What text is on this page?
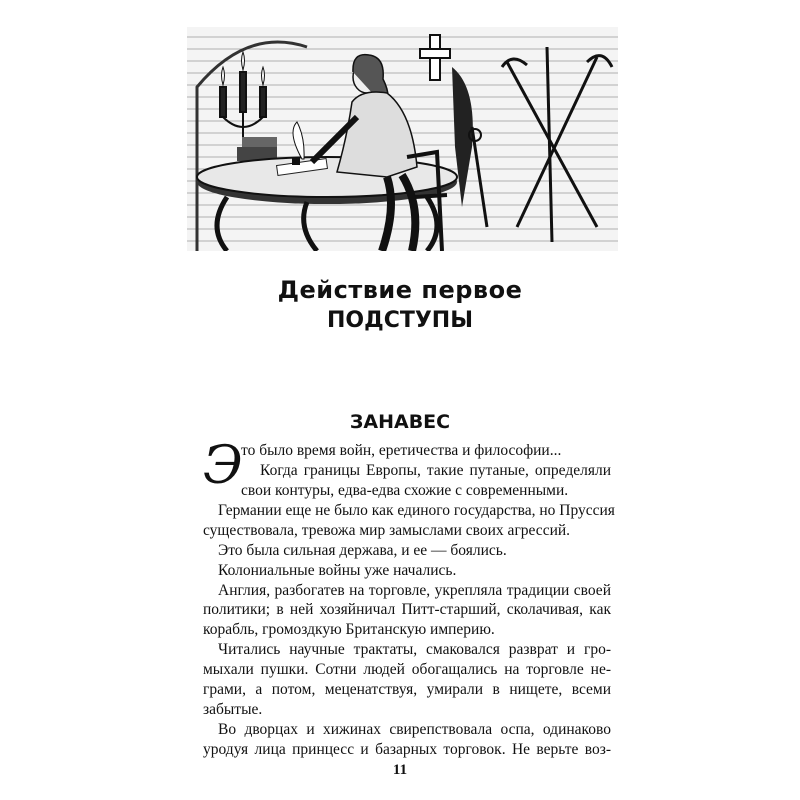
Действие первое
ПОДСТУПЫ
ЗАНАВЕС
Э
то было время войн, еретичества и философии...
Когда границы Европы, такие путаные, определяли
свои контуры, едва-едва схожие с современными.
Германии еще не было как единого государства, но Пруссия
существовала, тревожа мир замыслами своих агрессий.
Это была сильная держава, и ее — боялись.
Колониальные войны уже начались.
Англия, разбогатев на торговле, укрепляла традиции своей
политики; в ней хозяйничал Питт-старший, сколачивая, как
корабль, громоздкую Британскую империю.
Читались научные трактаты, смаковался разврат и гро-
мыхали пушки. Сотни людей обогащались на торговле не-
грами, а потом, меценатствуя, умирали в нищете, всеми
забытые.
11
Во дворцах и хижинах свирепствовала оспа, одинаково
уродуя лица принцесс и базарных торговок. Не верьте воз-
